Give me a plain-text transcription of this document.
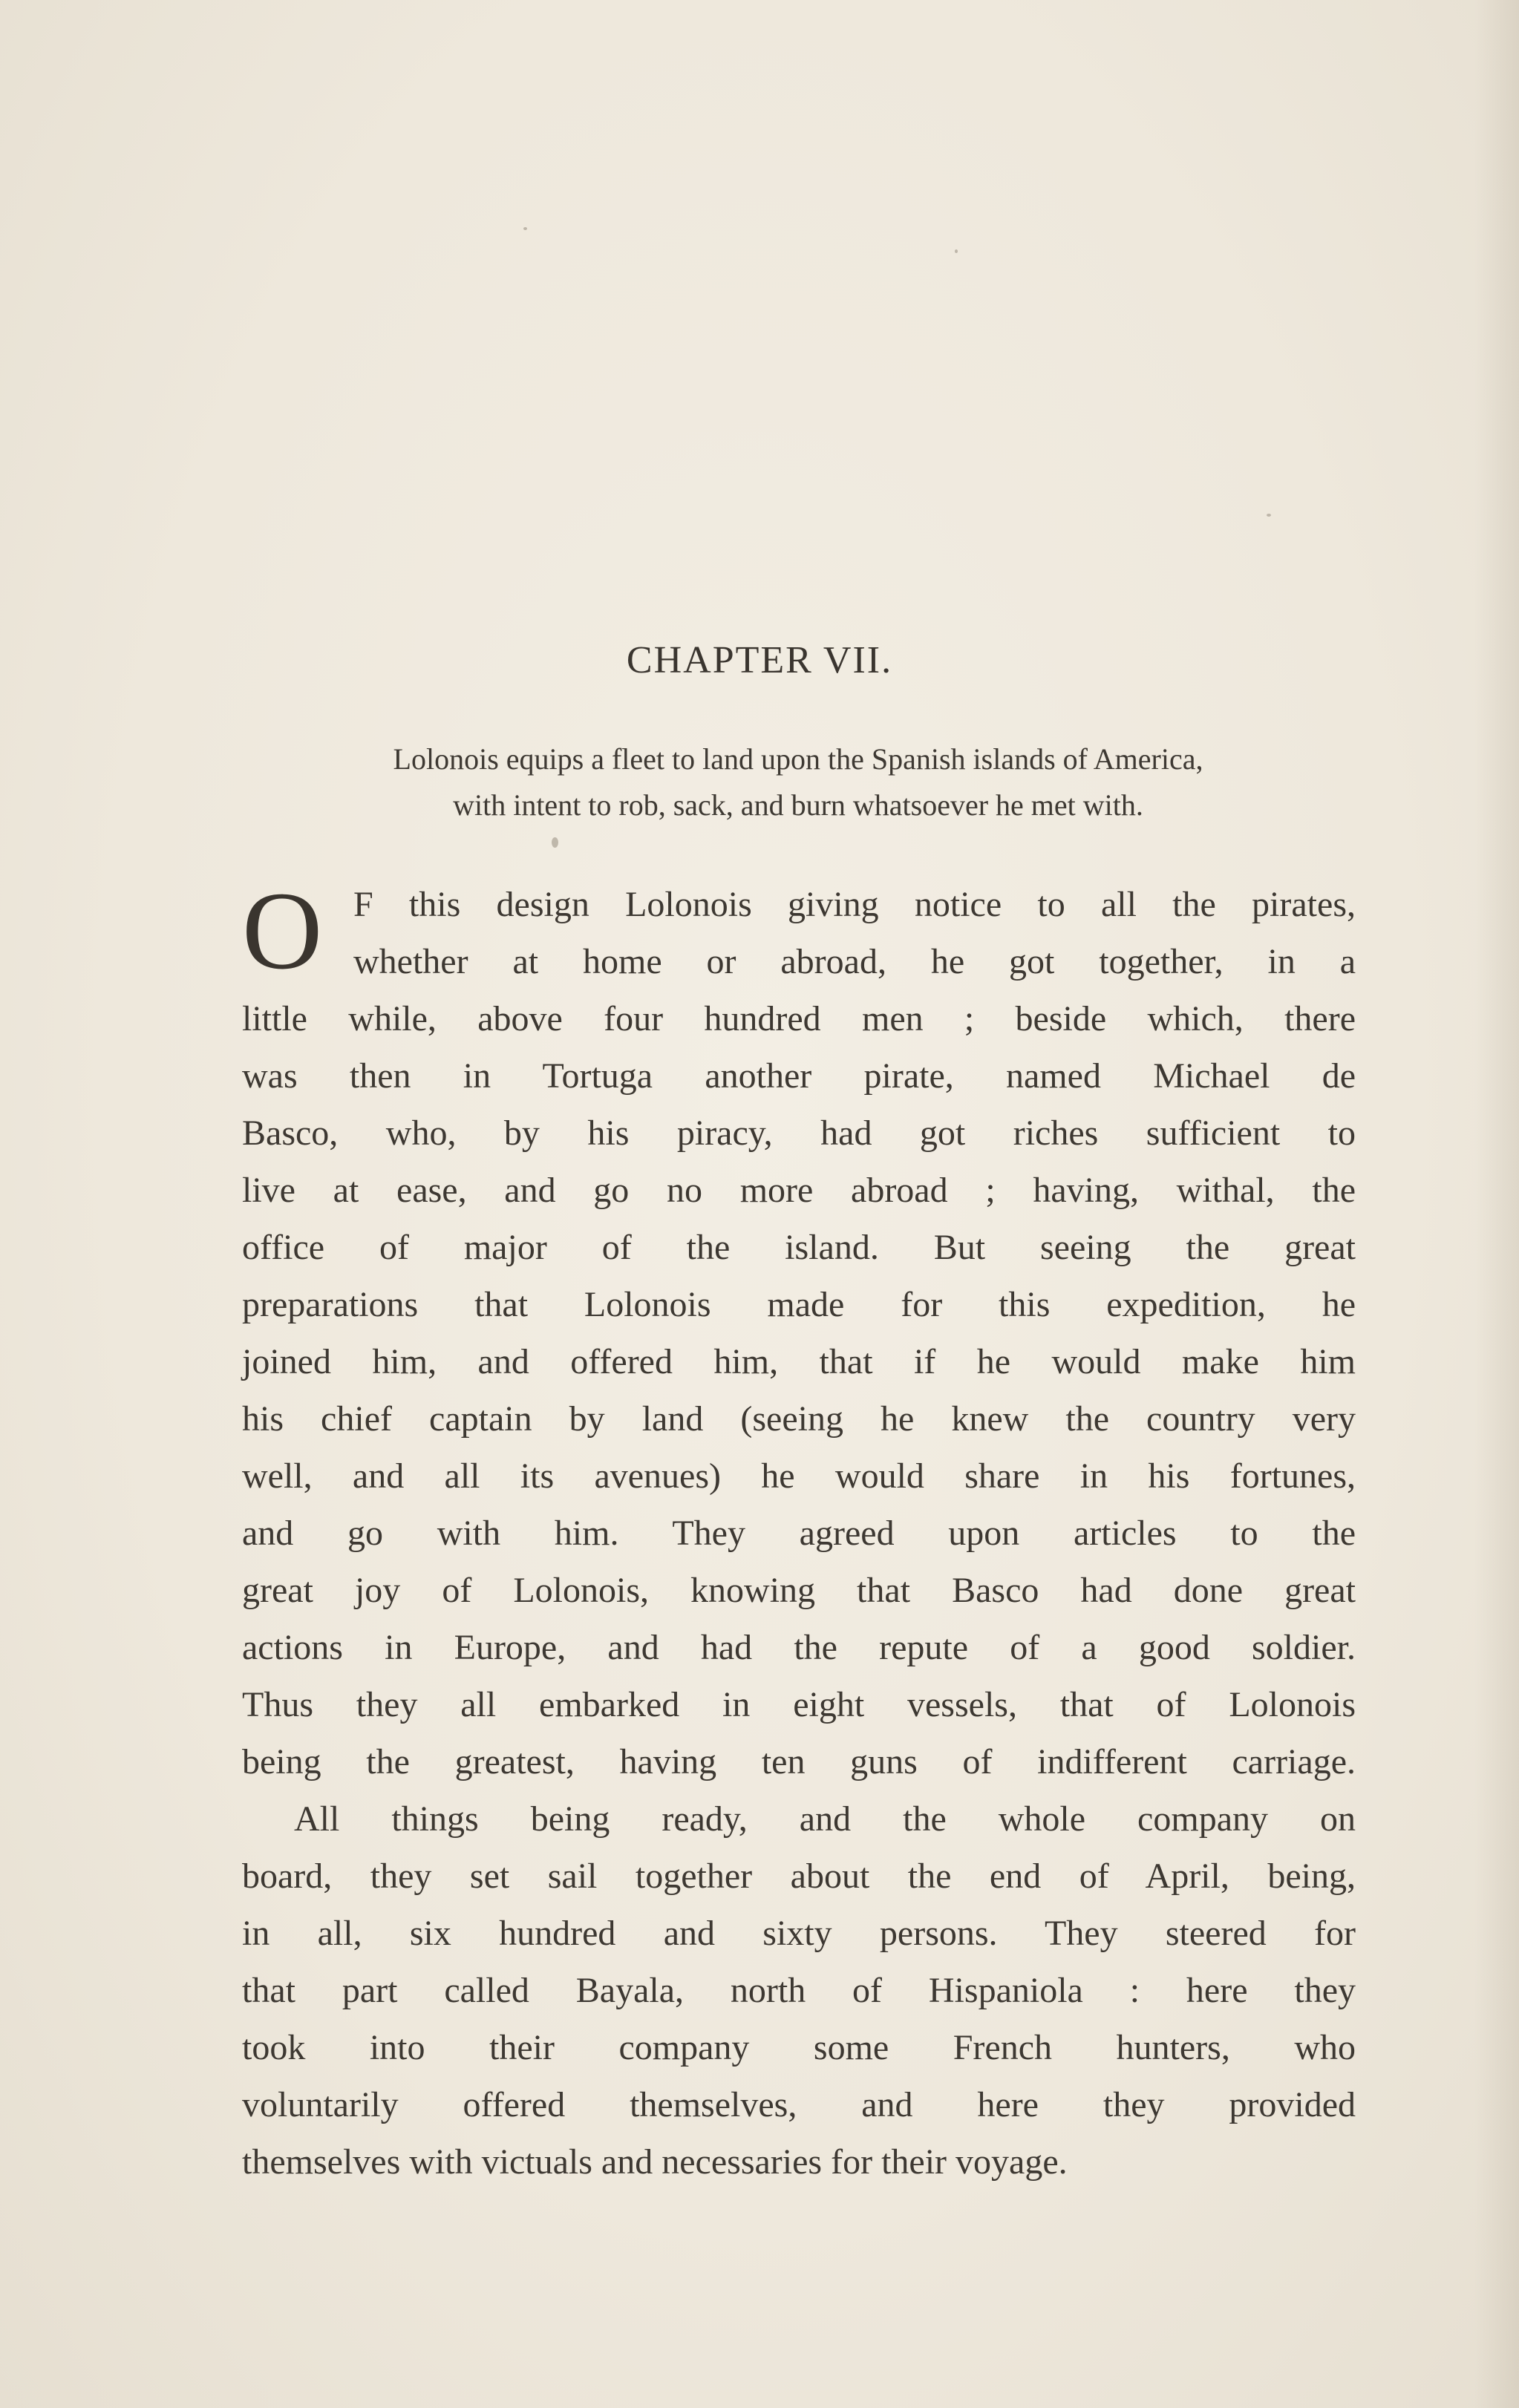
CHAPTER VII.
Lolonois equips a fleet to land upon the Spanish islands of America,
with intent to rob, sack, and burn whatsoever he met with.
O F this design Lolonois giving notice to all the pirates,
whether at home or abroad, he got together, in a
little while, above four hundred men ; beside which, there
was then in Tortuga another pirate, named Michael de
Basco, who, by his piracy, had got riches sufficient to
live at ease, and go no more abroad ; having, withal, the
office of major of the island. But seeing the great
preparations that Lolonois made for this expedition, he
joined him, and offered him, that if he would make him
his chief captain by land (seeing he knew the country very
well, and all its avenues) he would share in his fortunes,
and go with him. They agreed upon articles to the
great joy of Lolonois, knowing that Basco had done great
actions in Europe, and had the repute of a good soldier.
Thus they all embarked in eight vessels, that of Lolonois
being the greatest, having ten guns of indifferent carriage.
All things being ready, and the whole company on
board, they set sail together about the end of April, being,
in all, six hundred and sixty persons. They steered for
that part called Bayala, north of Hispaniola : here they
took into their company some French hunters, who
voluntarily offered themselves, and here they provided
themselves with victuals and necessaries for their voyage.
